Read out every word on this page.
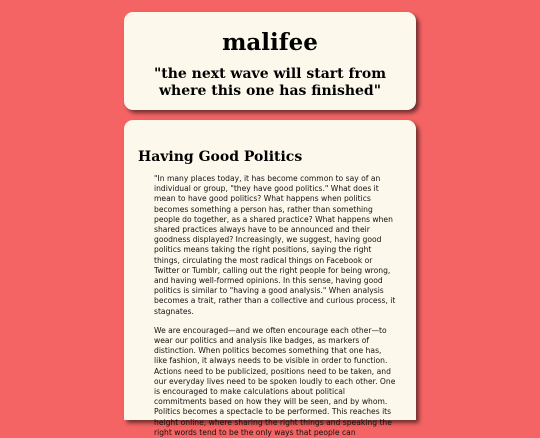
malifee
"the next wave will start from where this one has finished"
Having Good Politics

"In many places today, it has become common to say of an individual or group, "they have good politics." What does it mean to have good politics? What happens when politics becomes something a person has, rather than something people do together, as a shared practice? What happens when shared practices always have to be announced and their goodness displayed? Increasingly, we suggest, having good politics means taking the right positions, saying the right things, circulating the most radical things on Facebook or Twitter or Tumblr, calling out the right people for being wrong, and having well-formed opinions. In this sense, having good politics is similar to "having a good analysis." When analysis becomes a trait, rather than a collective and curious process, it stagnates.

We are encouraged—and we often encourage each other—to wear our politics and analysis like badges, as markers of distinction. When politics becomes something that one has, like fashion, it always needs to be visible in order to function. Actions need to be publicized, positions need to be taken, and our everyday lives need to be spoken loudly to each other. One is encouraged to make calculations about political commitments based on how they will be seen, and by whom. Politics becomes a spectacle to be performed. This reaches its height online, where sharing the right things and speaking the right words tend to be the only ways that people can
